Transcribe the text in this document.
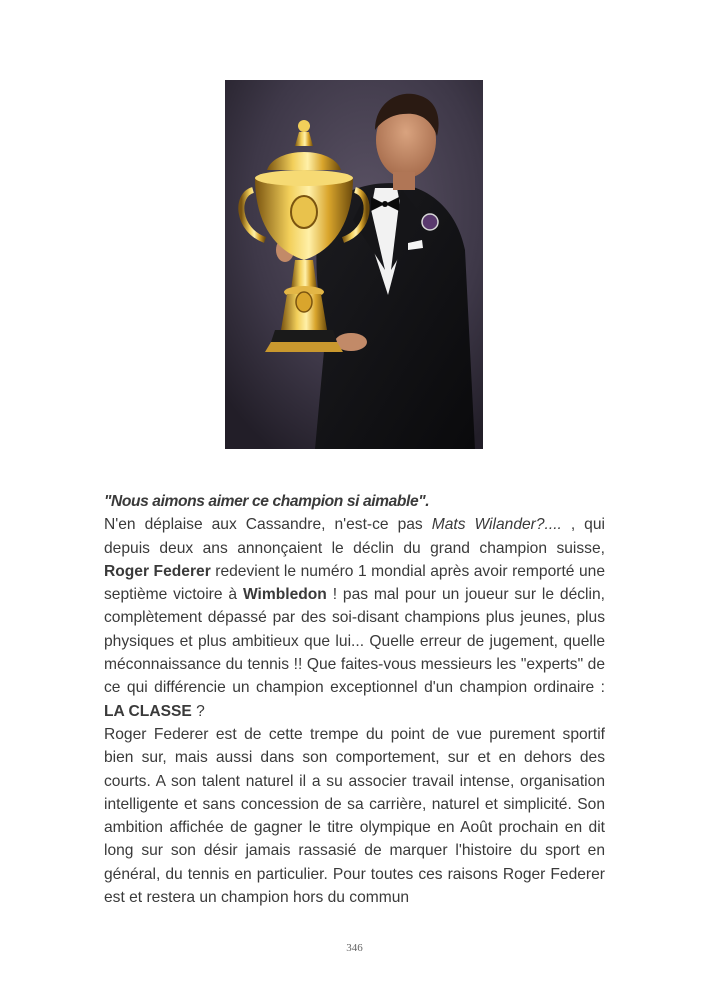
"Nous aimons aimer ce champion si aimable".

N'en déplaise aux Cassandre, n'est-ce pas Mats Wilander?.... , qui depuis deux ans annonçaient le déclin du grand champion suisse, Roger Federer redevient le numéro 1 mondial après avoir remporté une septième victoire à Wimbledon ! pas mal pour un joueur sur le déclin, complètement dépassé par des soi-disant champions plus jeunes, plus physiques et plus ambitieux que lui... Quelle erreur de jugement, quelle méconnaissance du tennis !! Que faites-vous messieurs les "experts" de ce qui différencie un champion exceptionnel d'un champion ordinaire : LA CLASSE ?

Roger Federer est de cette trempe du point de vue purement sportif bien sur, mais aussi dans son comportement, sur et en dehors des courts. A son talent naturel il a su associer travail intense, organisation intelligente et sans concession de sa carrière, naturel et simplicité. Son ambition affichée de gagner le titre olympique en Août prochain en dit long sur son désir jamais rassasié de marquer l'histoire du sport en général, du tennis en particulier. Pour toutes ces raisons Roger Federer est et restera un champion hors du commun

346
